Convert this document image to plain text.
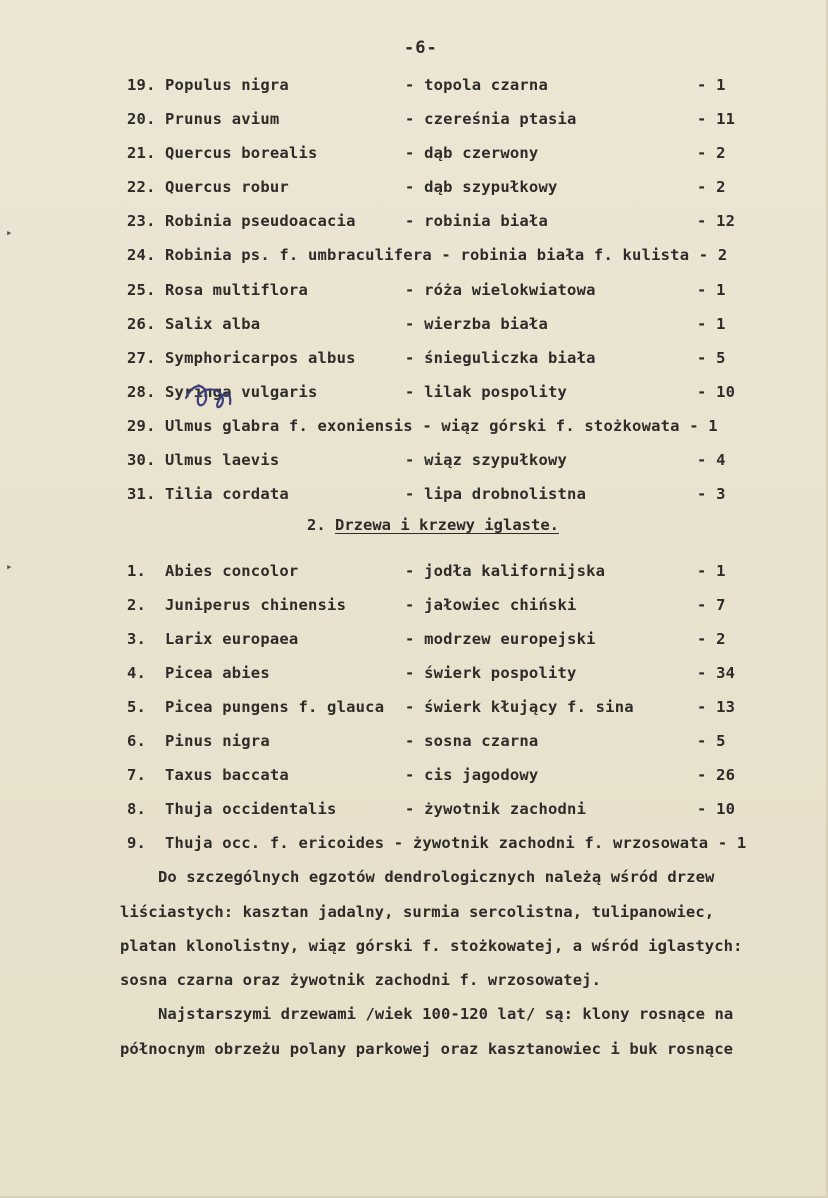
-6-
▸
▸
19. Populus nigra	- topola czarna	- 1
20. Prunus avium	- czereśnia ptasia	- 11
21. Quercus borealis	- dąb czerwony	- 2
22. Quercus robur	- dąb szypułkowy	- 2
23. Robinia pseudoacacia	- robinia biała	- 12
24. Robinia ps. f. umbraculifera - robinia biała f. kulista - 2
25. Rosa multiflora	- róża wielokwiatowa	- 1
26. Salix alba	- wierzba biała	- 1
27. Symphoricarpos albus	- śnieguliczka biała	- 5
28. Syringa vulgaris	- lilak pospolity	- 10
29. Ulmus glabra f. exoniensis - wiąz górski f. stożkowata - 1
30. Ulmus laevis	- wiąz szypułkowy	- 4
31. Tilia cordata	- lipa drobnolistna	- 3
2. Drzewa i krzewy iglaste.
1. Abies concolor	- jodła kalifornijska	- 1
2. Juniperus chinensis	- jałowiec chiński	- 7
3. Larix europaea	- modrzew europejski	- 2
4. Picea abies	- świerk pospolity	- 34
5. Picea pungens f. glauca - świerk kłujący f. sina	- 13
6. Pinus nigra	- sosna czarna	- 5
7. Taxus baccata	- cis jagodowy	- 26
8. Thuja occidentalis	- żywotnik zachodni	- 10
9. Thuja occ. f. ericoides - żywotnik zachodni f. wrzosowata - 1
Do szczególnych egzotów dendrologicznych należą wśród drzew
liściastych: kasztan jadalny, surmia sercolistna, tulipanowiec,
platan klonolistny, wiąz górski f. stożkowatej, a wśród iglastych:
sosna czarna oraz żywotnik zachodni f. wrzosowatej.
Najstarszymi drzewami /wiek 100-120 lat/ są: klony rosnące na
północnym obrzeżu polany parkowej oraz kasztanowiec i buk rosnące
